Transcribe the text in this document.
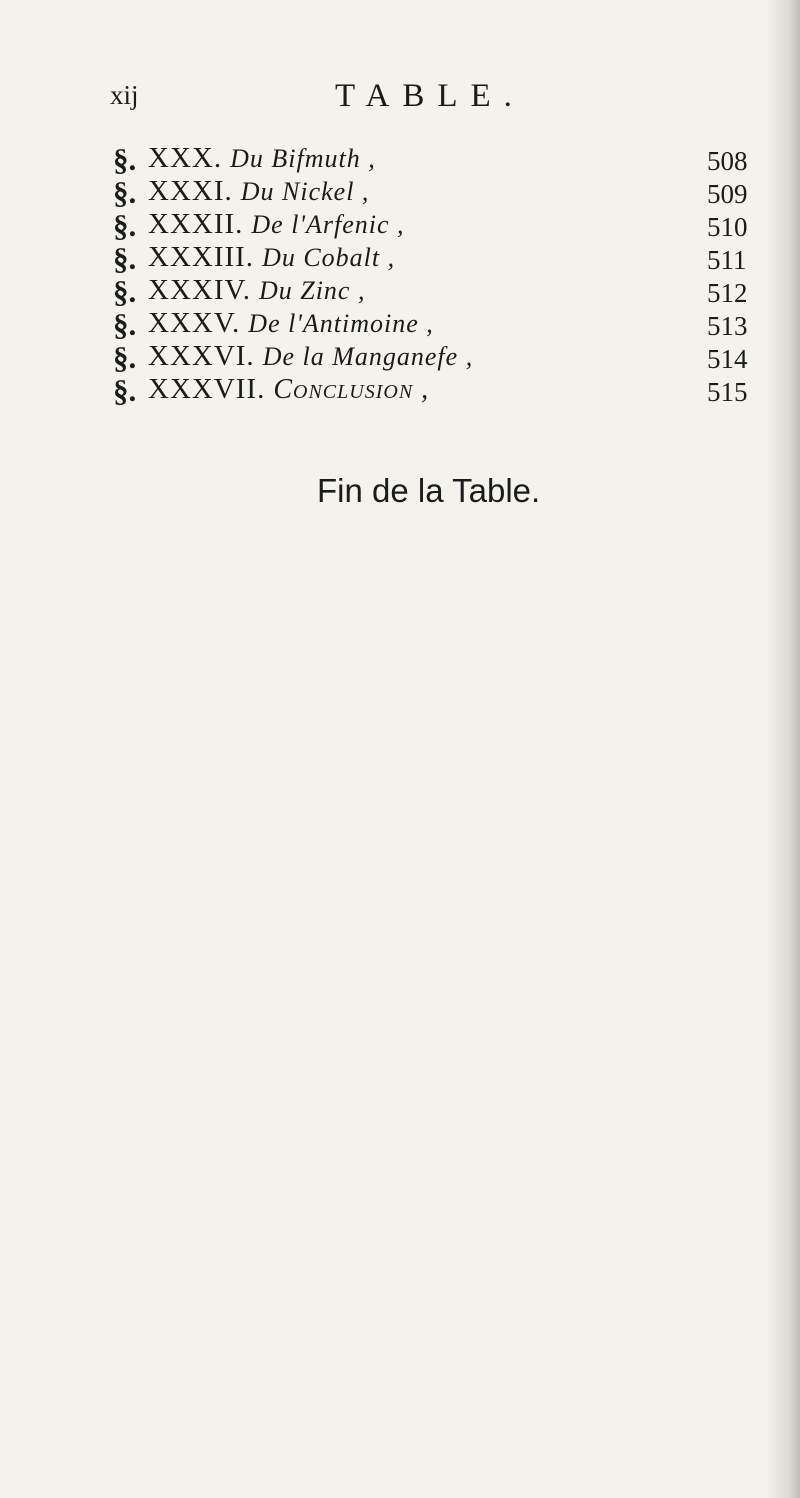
xij	TABLE.
§. XXX. Du Bifmuth ,	508
§. XXXI. Du Nickel ,	509
§. XXXII. De l'Arfenic ,	510
§. XXXIII. Du Cobalt ,	511
§. XXXIV. Du Zinc ,	512
§. XXXV. De l'Antimoine ,	513
§. XXXVI. De la Manganefe ,	514
§. XXXVII. Conclusion ,	515
Fin de la Table.
